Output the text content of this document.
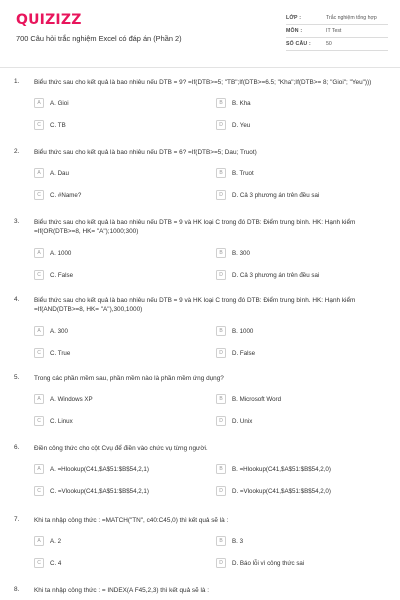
QUIZIZZ
700 Câu hỏi trắc nghiệm Excel có đáp án (Phần 2)
LỚP :	Trắc nghiệm tổng hợp
MÔN :	IT Test
SỐ CÂU :	50
1. Biểu thức sau cho kết quả là bao nhiêu nếu DTB = 9? =If(DTB>=5; "TB";If(DTB>=6.5; "Kha";If(DTB>= 8; "Gioi"; "Yeu")))
A	A. Gioi	B	B. Kha
C	C. TB	D	D. Yeu
2. Biểu thức sau cho kết quả là bao nhiêu nếu DTB = 6? =If(DTB>=5; Dau; Truot)
A	A. Dau	B	B. Truot
C	C. #Name?	D	D. Cả 3 phương án trên đều sai
3. Biểu thức sau cho kết quả là bao nhiêu nếu DTB = 9 và HK loại C trong đó DTB: Điểm trung bình. HK: Hạnh kiểm =If(OR(DTB>=8, HK= "A");1000;300)
A	A. 1000	B	B. 300
C	C. False	D	D. Cả 3 phương án trên đều sai
4. Biểu thức sau cho kết quả là bao nhiêu nếu DTB = 9 và HK loại C trong đó DTB: Điểm trung bình. HK: Hạnh kiểm =If(AND(DTB>=8, HK= "A"),300,1000)
A	A. 300	B	B. 1000
C	C. True	D	D. False
5. Trong các phần mềm sau, phần mềm nào là phần mềm ứng dụng?
A	A. Windows XP	B	B. Microsoft Word
C	C. Linux	D	D. Unix
6. Điền công thức cho cột Cvụ để điền vào chức vụ từng người.
A	A. =Hlookup(C41,$A$51:$B$54,2,1)	B	B. =Hlookup(C41,$A$51:$B$54,2,0)
C	C. =Vlookup(C41,$A$51:$B$54,2,1)	D	D. =Vlookup(C41,$A$51:$B$54,2,0)
7. Khi ta nhập công thức : =MATCH("TN", c40:C45,0) thì kết quả sẽ là :
A	A. 2	B	B. 3
C	C. 4	D	D. Báo lỗi vì công thức sai
8. Khi ta nhập công thức : = INDEX(A F45,2,3) thì kết quả sẽ là :
